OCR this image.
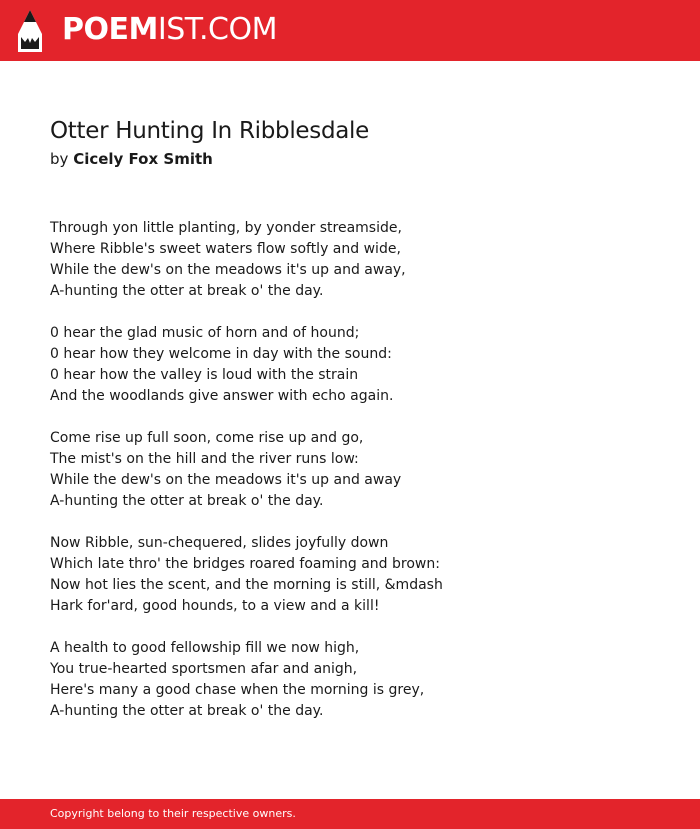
POEMIST.COM
Otter Hunting In Ribblesdale
by Cicely Fox Smith
Through yon little planting, by yonder streamside,
Where Ribble's sweet waters flow softly and wide,
While the dew's on the meadows it's up and away,
A-hunting the otter at break o' the day.
0 hear the glad music of horn and of hound;
0 hear how they welcome in day with the sound:
0 hear how the valley is loud with the strain
And the woodlands give answer with echo again.
Come rise up full soon, come rise up and go,
The mist's on the hill and the river runs low:
While the dew's on the meadows it's up and away
A-hunting the otter at break o' the day.
Now Ribble, sun-chequered, slides joyfully down
Which late thro' the bridges roared foaming and brown:
Now hot lies the scent, and the morning is still, &mdash
Hark for'ard, good hounds, to a view and a kill!
A health to good fellowship fill we now high,
You true-hearted sportsmen afar and anigh,
Here's many a good chase when the morning is grey,
A-hunting the otter at break o' the day.
Copyright belong to their respective owners.
